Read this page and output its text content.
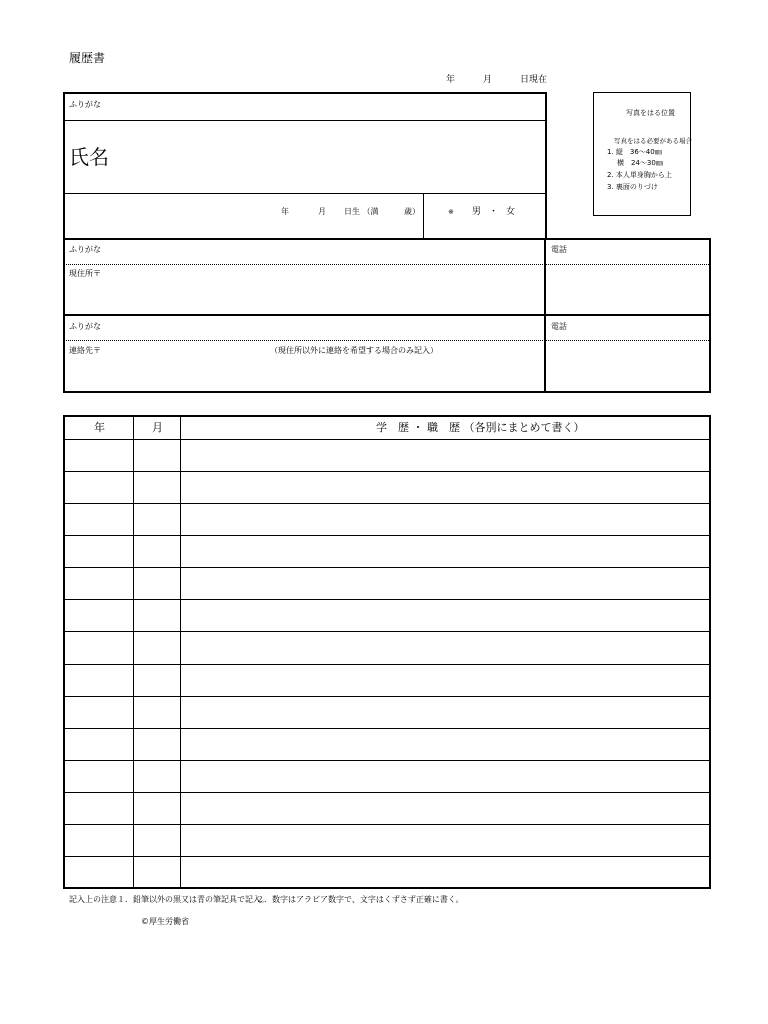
履歴書
年	月	日現在
ふりがな
氏名
年	月 日生 （満	歳）	※ 男 ・ 女
写真をはる位置
写真をはる必要がある場合
1. 縦　36～40㎜
横　24～30㎜
2. 本人単身胸から上
3. 裏面のりづけ
ふりがな
現住所〒
電話
ふりがな
連絡先〒	（現住所以外に連絡を希望する場合のみ記入）
電話
年	月	学　歴 ・ 職　歴 （各別にまとめて書く）
記入上の注意 １．鉛筆以外の黒又は青の筆記具で記入。
２．数字はアラビア数字で、文字はくずさず正確に書く。
©厚生労働省
